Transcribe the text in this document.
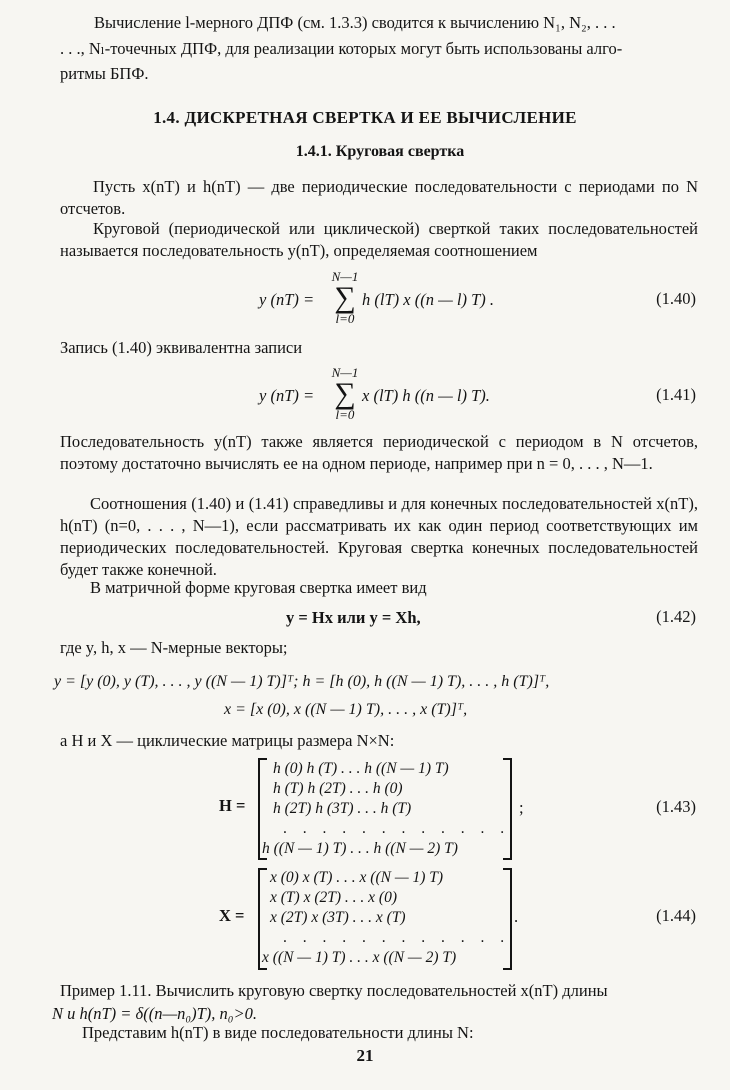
Вычисление l-мерного ДПФ (см. 1.3.3) сводится к вычислению N₁, N₂, . . .
. . ., Nₗ-точечных ДПФ, для реализации которых могут быть использованы алго-
ритмы БПФ.
1.4. ДИСКРЕТНАЯ СВЕРТКА И ЕЕ ВЫЧИСЛЕНИЕ
1.4.1. Круговая свертка
Пусть x(nT) и h(nT) — две периодические последовательности с периодами по N отсчетов.
Круговой (периодической или циклической) сверткой таких последовательностей называется последовательность y(nT), определяемая соотношением
y (nT) =
N—1
∑
l=0
h (lT) x ((n — l) T) .	(1.40)
Запись (1.40) эквивалентна записи
y (nT) =
N—1
∑
l=0
x (lT) h ((n — l) T).	(1.41)
Последовательность y(nT) также является периодической с периодом в N отсчетов, поэтому достаточно вычислять ее на одном периоде, например при n = 0, . . . , N—1.
Соотношения (1.40) и (1.41) справедливы и для конечных последовательностей x(nT), h(nT) (n=0, . . . , N—1), если рассматривать их как один период соответствующих им периодических последовательностей. Круговая свертка конечных последовательностей будет также конечной.
В матричной форме круговая свертка имеет вид
y = Hx или y = Xh,	(1.42)
где y, h, x — N-мерные векторы;
y = [y (0), y (T), . . . , y ((N — 1) T)]ᵀ; h = [h (0), h ((N — 1) T), . . . , h (T)]ᵀ,
x = [x (0), x ((N — 1) T), . . . , x (T)]ᵀ,
а H и X — циклические матрицы размера N×N:
H =
h (0) h (T) . . . h ((N — 1) T)
h (T) h (2T) . . . h (0)
h (2T) h (3T) . . . h (T)
. . . . . . . . . . . .
h ((N — 1) T) . . . h ((N — 2) T)
;	(1.43)
X =
x (0) x (T) . . . x ((N — 1) T)
x (T) x (2T) . . . x (0)
x (2T) x (3T) . . . x (T)
. . . . . . . . . . . .
x ((N — 1) T) . . . x ((N — 2) T)
.	(1.44)
Пример 1.11. Вычислить круговую свертку последовательностей x(nT) длины
N и h(nT) = δ((n—n₀)T), n₀>0.
Представим h(nT) в виде последовательности длины N:
21
